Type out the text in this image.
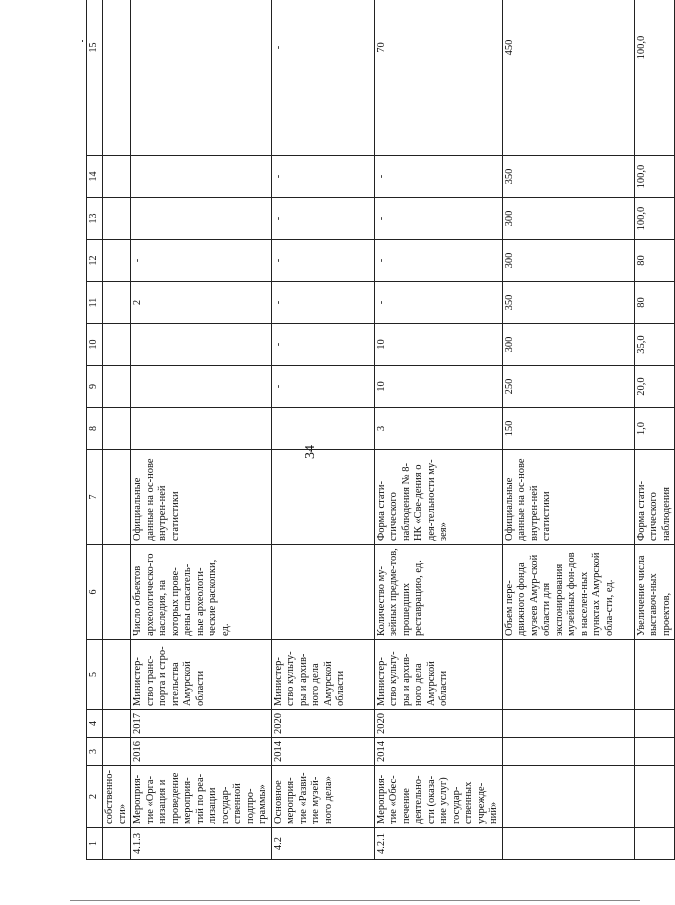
34
1	2	3	4	5	6	7	8	9	10	11	12	13	14	15
	собственно-сти»													
4.1.3	Мероприя-тие «Орга-низация и проведение мероприя-тий по реа-лизации государ-ственной подпро-граммы»	2016	2017	Министер-ство транс-порта и стро-ительства Амурской области	Число объектов археологическо-го наследия, на которых прове-дены спасатель-ные археологи-ческие раскопки, ед.	Официальные данные на ос-нове внутрен-ней статистики				2	-			
4.2	Основное мероприя-тие «Разви-тие музей-ного дела»	2014	2020	Министер-ство культу-ры и архив-ного дела Амурской области				-	-	-	-	-	-	-
4.2.1	Мероприя-тие «Обес-печение деятельно-сти (оказа-ние услуг) государ-ственных учрежде-ний»	2014	2020	Министер-ство культу-ры и архив-ного дела Амурской области	Количество му-зейных предме-тов, прошедших реставрацию, ед.	Форма стати-стического наблюдения № 8-НК «Све-дения о дея-тельности му-зея»	3	10	10	-	-	-	-	70
					Объем пере-движного фонда музеев Амур-ской области для экспонирования музейных фон-дов в населен-ных пунктах Амурской обла-сти, ед.	Официальные данные на ос-нове внутрен-ней статистики	150	250	300	350	300	300	350	450
					Увеличение числа выставоч-ных проектов,	Форма стати-стического наблюдения	1,0	20,0	35,0	80	80	100,0	100,0	100,0
